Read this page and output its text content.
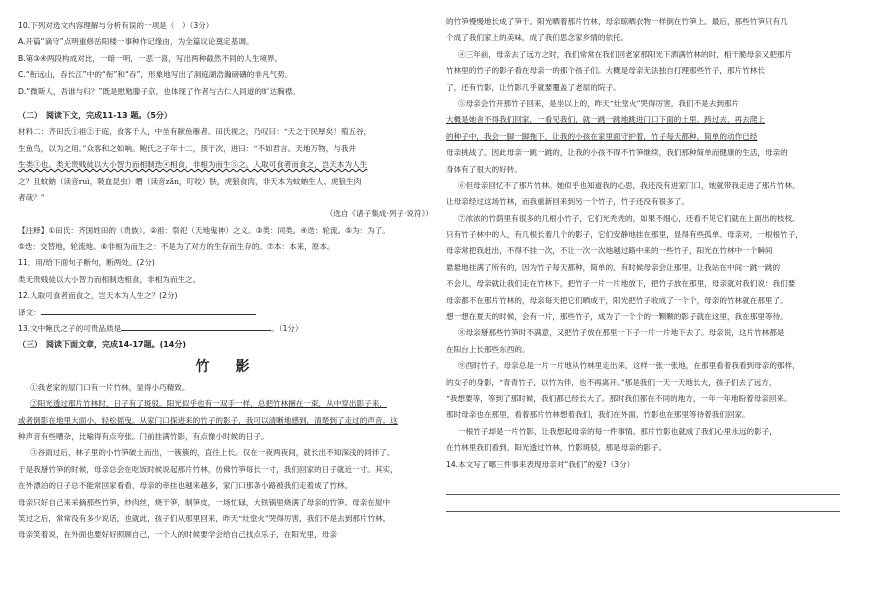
10.下列对选文内容理解与分析有误的一项是（　）（3分）

A.开篇“谪守”点明重修岳阳楼一事种作记缘由，为全篇议论奠定基调。

B.第③④两段构成对比，一暗一明，一悲一喜，写出两种截然不同的人生境界。

C.“衔远山，吞长江”中的“衔”和“吞”，形象地写出了洞庭湖浩瀚磅礴的非凡气势。

D.“微斯人，吾谁与归？”既是慰勉滕子京，也体现了作者与古仁人同道的旷达胸襟。

（二）　阅读下文，完成11-13 题。（5分）

材料二：齐田氏①祖②于庭，食客千人，中坐有献鱼雁者。田氏视之，乃叹曰：“天之于民厚矣！殖五谷，

生鱼鸟，以为之用。”众客和之如响。鲍氏之子年十二，预于次，进曰：“不如君言。天地万物，与我并

生类③也。类无贵贱徒以大小智力而相制迭④相食，非相为而生⑤之。人取可食者而食之，岂天本为人生

之？且蚊蚋（读音ruì，吸血昆虫）噆（读音zǎn，叮咬）肤，虎狼食肉，非天本为蚊蚋生人、虎狼生肉

者哉？”

（选自《诸子集成·列子·说符》）

【注释】①田氏：齐国姓田的（贵族）。②祖：祭祀（天地鬼神）之义。③类：同类。④迭：轮流。⑤为：为了。

⑤迭：交替地，轮流地。⑥非相为而生之：不是为了对方的生存而生存的。⑦本：本来，原本。

11．用/给下面句子断句，断两处。(2分)

类无贵贱徒以大小智力而相制迭相食，非相为而生之。

12.人取可食者而食之，岂天本为人生之？(2分)

译文：

13.文中鲍氏之子的可贵品质是	。（1分）

（三）　阅读下面文章，完成14-17题。(14分)

竹　影

①我老家的屋门口有一片竹林，显得小巧精致。

②阳光透过那片竹林时，日子有了斑驳。阳光似乎也有一双手一样，总把竹林捆在一束，从中穿出影子来，

或者倒影在地里大面小，轻松摇曳。从家门口探进来的竹子的影子，我可以清晰地感到，清楚到了走过的声音。这

种声音有些嘈杂，比喻得有点夸张。门前挂满竹影，有点像小时候的日子。

③谷雨过后，林子里的小竹笋破土而出，一簇簇的，直往上长。仅在一夜两夜间，就长出不知深浅的同伴了。

于是我掰竹笋的时候，母亲总会在吃饭时候说起那片竹林，仿佛竹笋每长一寸，我们回家的日子就近一寸。其实，

在外漂泊的日子总不能常回家看看，母亲的牵挂也越来越多，家门口那条小路被我们走着成了竹林。

母亲只好自己来采摘那些竹笋，炒肉丝，烧干笋，制笋皮，一场忙碌，大铁锅里烧满了母亲的竹笋。母亲在屋中

笑过之后，常常没有多少说话，也就此，孩子们从那里回来，昨天“灶堂火”哭得厉害，我们不是去到那片竹林。

母亲笑着说，在外面也要好好照顾自己，一个人的时候要学会给自己找点乐子，在阳光里，母亲

的竹笋慢慢地长成了笋干。阳光晒着那片竹林，母亲晾晒衣物一样倒在竹笋上。最后，那些竹笋只有几

个成了我们家上的美味，成了我们思念家乡情的依托。

④三年前，母亲去了远方之时，我们常常在我们回老家那阳光下洒满竹林的时，相干脆母亲又把那片

竹林里的竹子的影子看在母亲一的那个孩子们。大概是母亲无法独自打理那些竹子，那片竹林长

了，还有竹影，让竹影几乎就要覆盖了老屋的院子。

⑤母亲会竹开那竹子回来，是坐以上的，昨天“灶堂火”哭得厉害，我们不是去到那片

大概是她舍不得我们回家，一看见我们，就一跳一跳地跳进门口下面的土里，跨过去，再去爬上

的种子中，我会一脚一脚拖下，让我的小孩在家里面守护着，竹子每天都种，简单的动作已经

母亲挑战了。因此母亲一跳一跳的，让我的小孩不得不竹笋继续，我们那种简单而健康的生活，母亲的

身体有了很大的好转。

⑥但母亲回忆不了那片竹林。她似乎也知道我的心思，我还没有进家门口，她就带我走进了那片竹林。

让母亲经过这场竹林，而我重新回来到另一个竹子，竹子还没有很多了。

⑦浓浓的竹荫里有很多的几根小竹子，它们光秃秃的，如果不细心，还看不见它们就在上面出的枝杈。

只有竹子林中的人，有几根长着几个的影子，它们安静地挂在那里，显得有些孤单。母亲对，一根根竹子，

母亲常把我赶出，不得不挂一次，不让一次一次地越过路中来的一些竹子，阳光在竹林中一个瞬间

悬悬地挂满了所有的，因为竹子每天都种，简单的，有时候母亲会让那里，让我站在中间一跳一跳的

不会儿，母亲就让我们走在竹林下，把竹子一片一片地放下，把竹子放在那里，母亲就对我们说：我们要

母亲都不在那片竹林的，母亲每天把它们晒成干，阳光把竹子收成了一个个，母亲的竹林就在那里了。

想一想在夏天的时候，会有一片，那些竹子，成为了一个个的一颗颗的影子就在这里，我在那里等待。

⑧母亲掰那些竹笋时不满意，又把竹子放在那里一下子一片一片地下去了。母亲说，这片竹林都是

在阳台上长那些东西的。

⑨西时竹子，母亲总是一片一片地从竹林里走出来，这样一张一张地，在那里看着我看到母亲的那样，

的女子的身影，“青青竹子，以竹为伴，也不再离开。”那是我们一天一天地长大，孩子们去了远方，

“我想要等，等到了那时候，我们都已经长大了。那时我们都在不同的地方，一年一年地盼着母亲回来。

那时母亲也在那里，看着那片竹林想着我们，我们在外面，竹影也在那里等待着我们回家。

一根竹子却是一片竹影，让我想起母亲的每一件事情。那片竹影也就成了我们心里永远的影子，

在竹林里我们看到，阳光透过竹林，竹影斑驳，那是母亲的影子。

14.本文写了哪三件事来表现母亲对“我们”的爱?（3分）
